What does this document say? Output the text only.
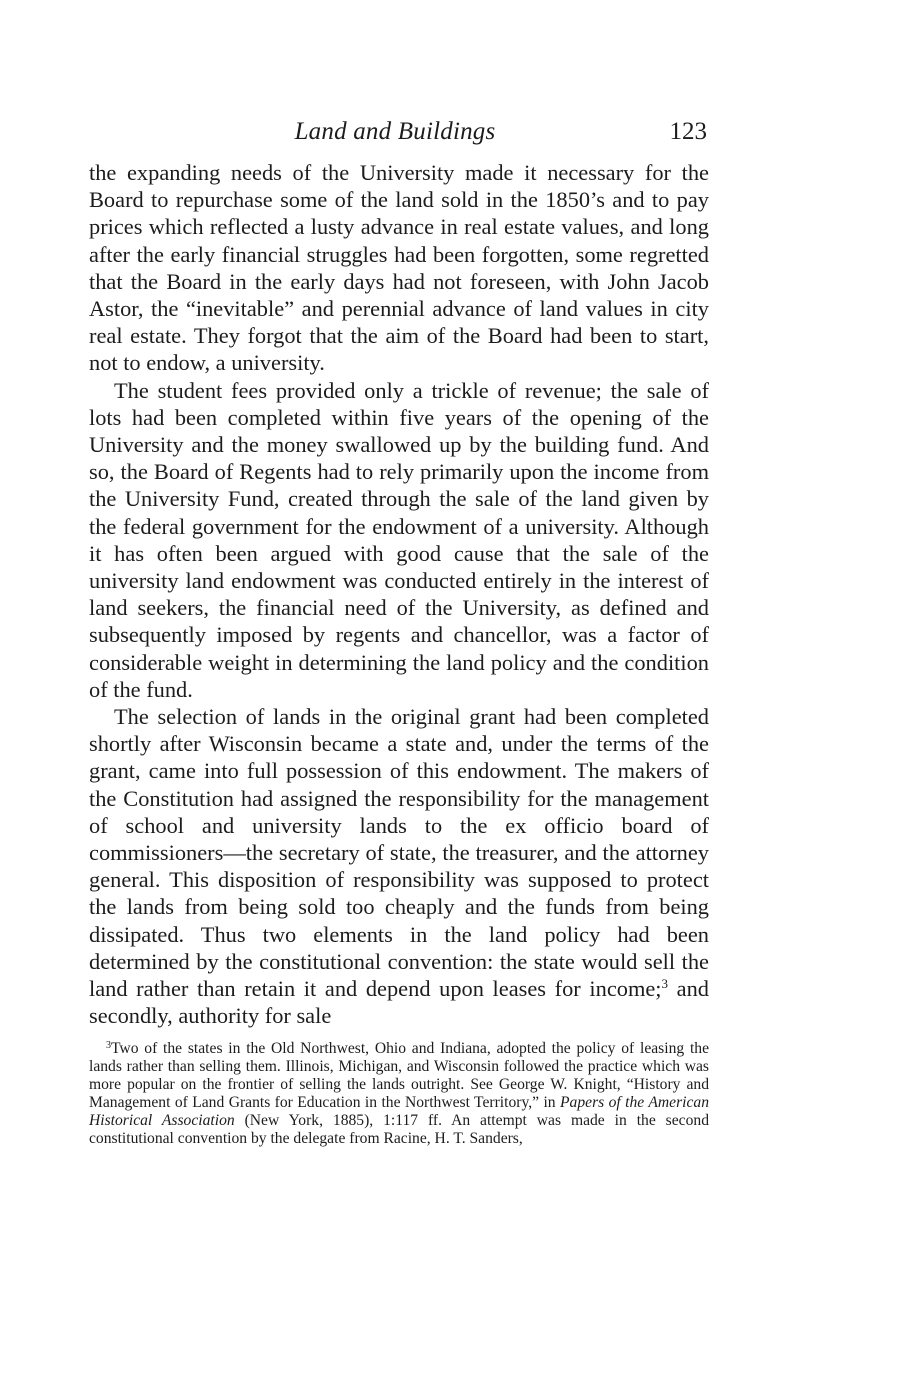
Land and Buildings	123

the expanding needs of the University made it necessary for the Board to repurchase some of the land sold in the 1850’s and to pay prices which reflected a lusty advance in real estate values, and long after the early financial struggles had been forgotten, some regretted that the Board in the early days had not foreseen, with John Jacob Astor, the “inevitable” and perennial advance of land values in city real estate. They forgot that the aim of the Board had been to start, not to endow, a university.

The student fees provided only a trickle of revenue; the sale of lots had been completed within five years of the opening of the University and the money swallowed up by the building fund. And so, the Board of Regents had to rely primarily upon the income from the University Fund, created through the sale of the land given by the federal government for the endowment of a university. Although it has often been argued with good cause that the sale of the university land endowment was conducted entirely in the interest of land seekers, the financial need of the University, as defined and subsequently imposed by regents and chancellor, was a factor of considerable weight in determining the land policy and the condition of the fund.

The selection of lands in the original grant had been completed shortly after Wisconsin became a state and, under the terms of the grant, came into full possession of this endowment. The makers of the Constitution had assigned the responsibility for the management of school and university lands to the ex officio board of commissioners—the secretary of state, the treasurer, and the attorney general. This disposition of responsibility was supposed to protect the lands from being sold too cheaply and the funds from being dissipated. Thus two elements in the land policy had been determined by the constitutional convention: the state would sell the land rather than retain it and depend upon leases for income;$^3$ and secondly, authority for sale

$^3$Two of the states in the Old Northwest, Ohio and Indiana, adopted the policy of leasing the lands rather than selling them. Illinois, Michigan, and Wisconsin followed the practice which was more popular on the frontier of selling the lands outright. See George W. Knight, “History and Management of Land Grants for Education in the Northwest Territory,” in Papers of the American Historical Association (New York, 1885), 1:117 ff. An attempt was made in the second constitutional convention by the delegate from Racine, H. T. Sanders,
